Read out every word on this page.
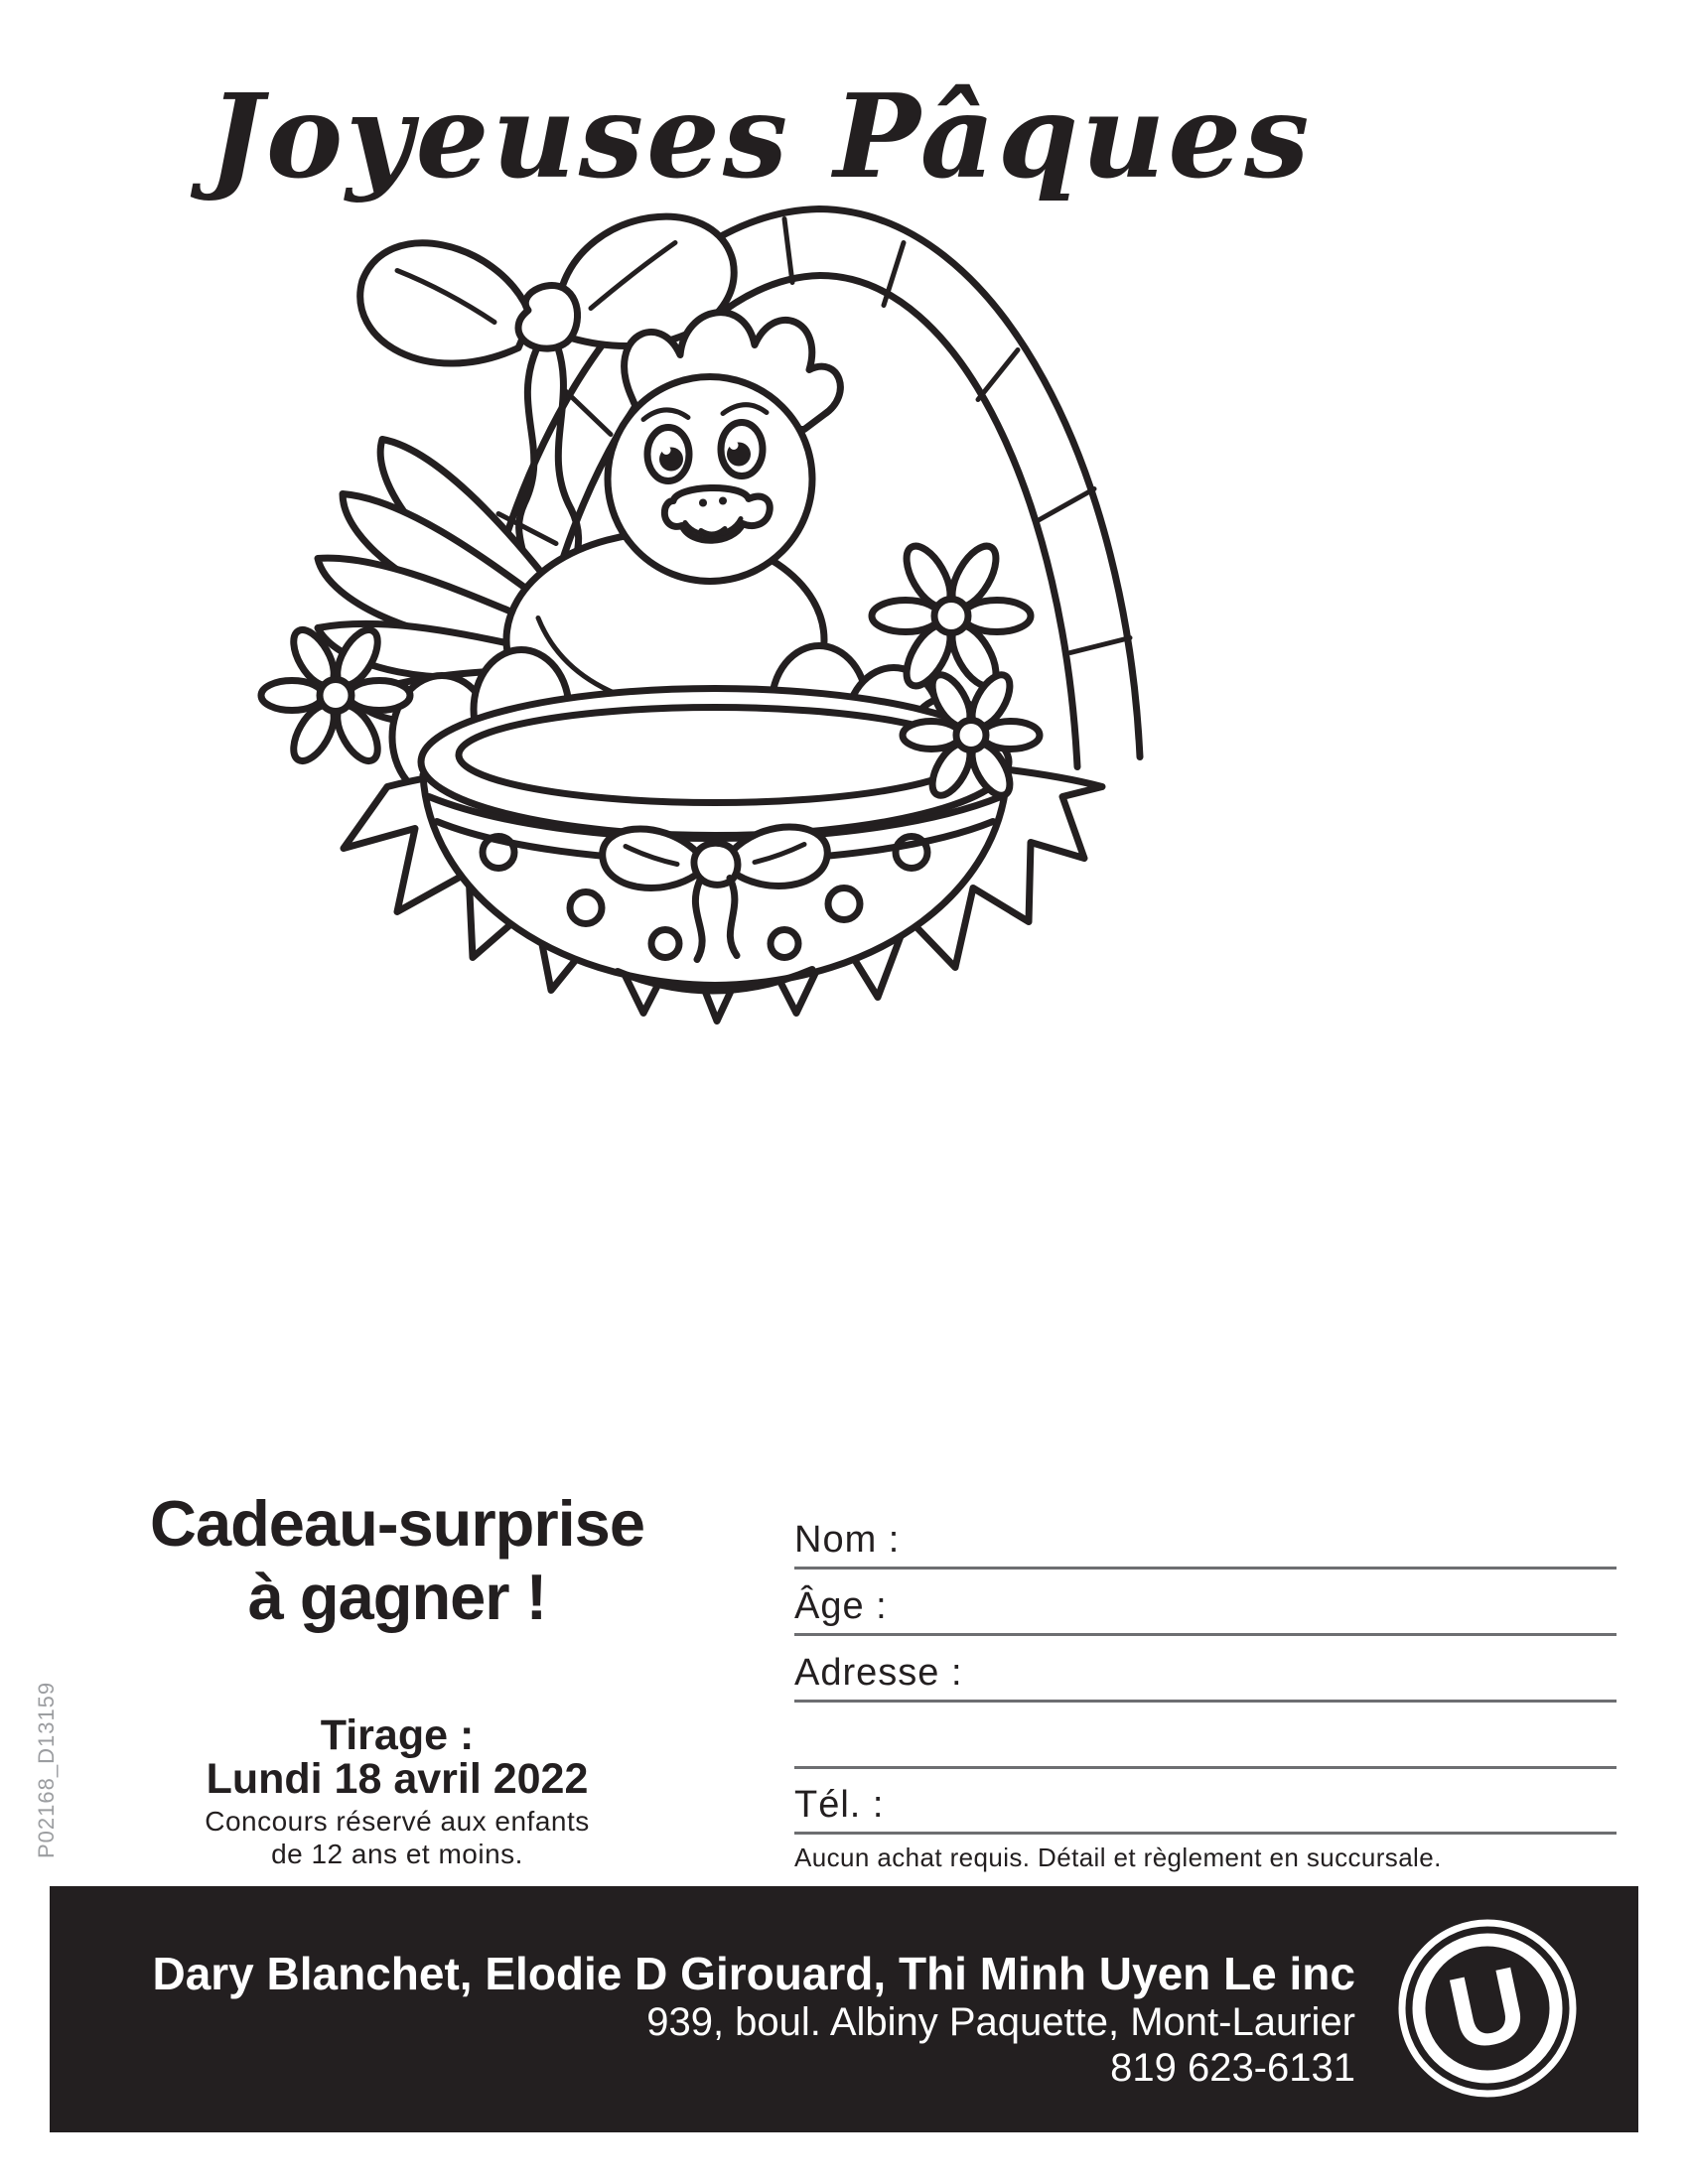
Joyeuses Pâques
Cadeau-surprise
à gagner !
Tirage :
Lundi 18 avril 2022
Concours réservé aux enfants
de 12 ans et moins.
Nom :
Âge :
Adresse :
Tél. :
Aucun achat requis. Détail et règlement en succursale.
P02168_D13159
Dary Blanchet, Elodie D Girouard, Thi Minh Uyen Le inc
939, boul. Albiny Paquette, Mont-Laurier
819 623-6131 U
